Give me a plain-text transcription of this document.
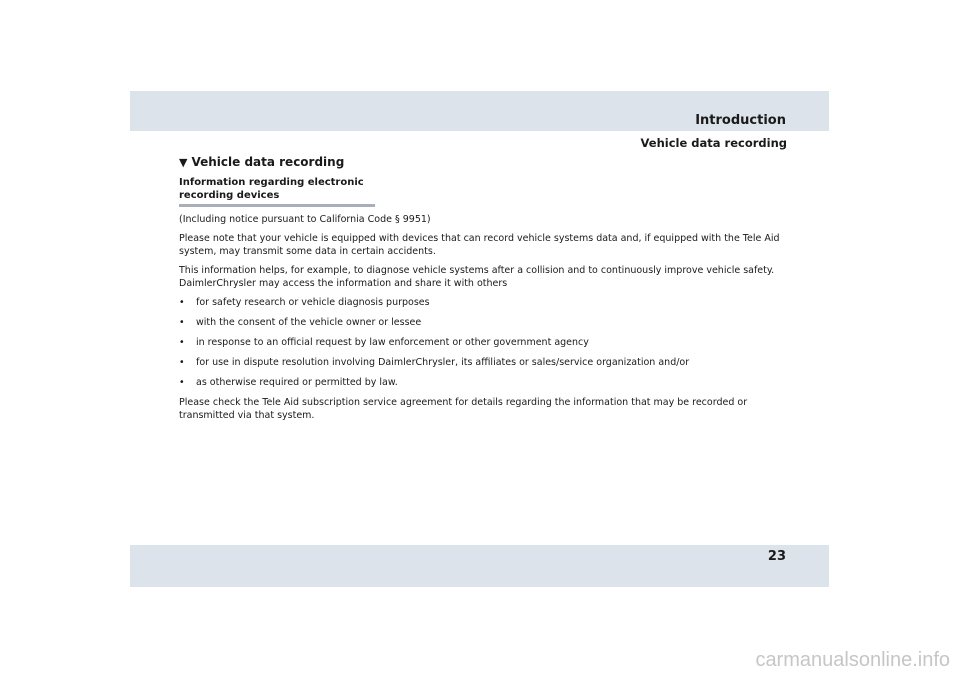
Introduction
Vehicle data recording
▼ Vehicle data recording
Information regarding electronic recording devices

(Including notice pursuant to California Code § 9951)

Please note that your vehicle is equipped with devices that can record vehicle systems data and, if equipped with the Tele Aid system, may transmit some data in certain accidents.

This information helps, for example, to diagnose vehicle systems after a collision and to continuously improve vehicle safety. DaimlerChrysler may access the information and share it with others

• for safety research or vehicle diagnosis purposes
• with the consent of the vehicle owner or lessee
• in response to an official request by law enforcement or other government agency
• for use in dispute resolution involving DaimlerChrysler, its affiliates or sales/service organization and/or
• as otherwise required or permitted by law.

Please check the Tele Aid subscription service agreement for details regarding the information that may be recorded or transmitted via that system.

23
carmanualsonline.info
